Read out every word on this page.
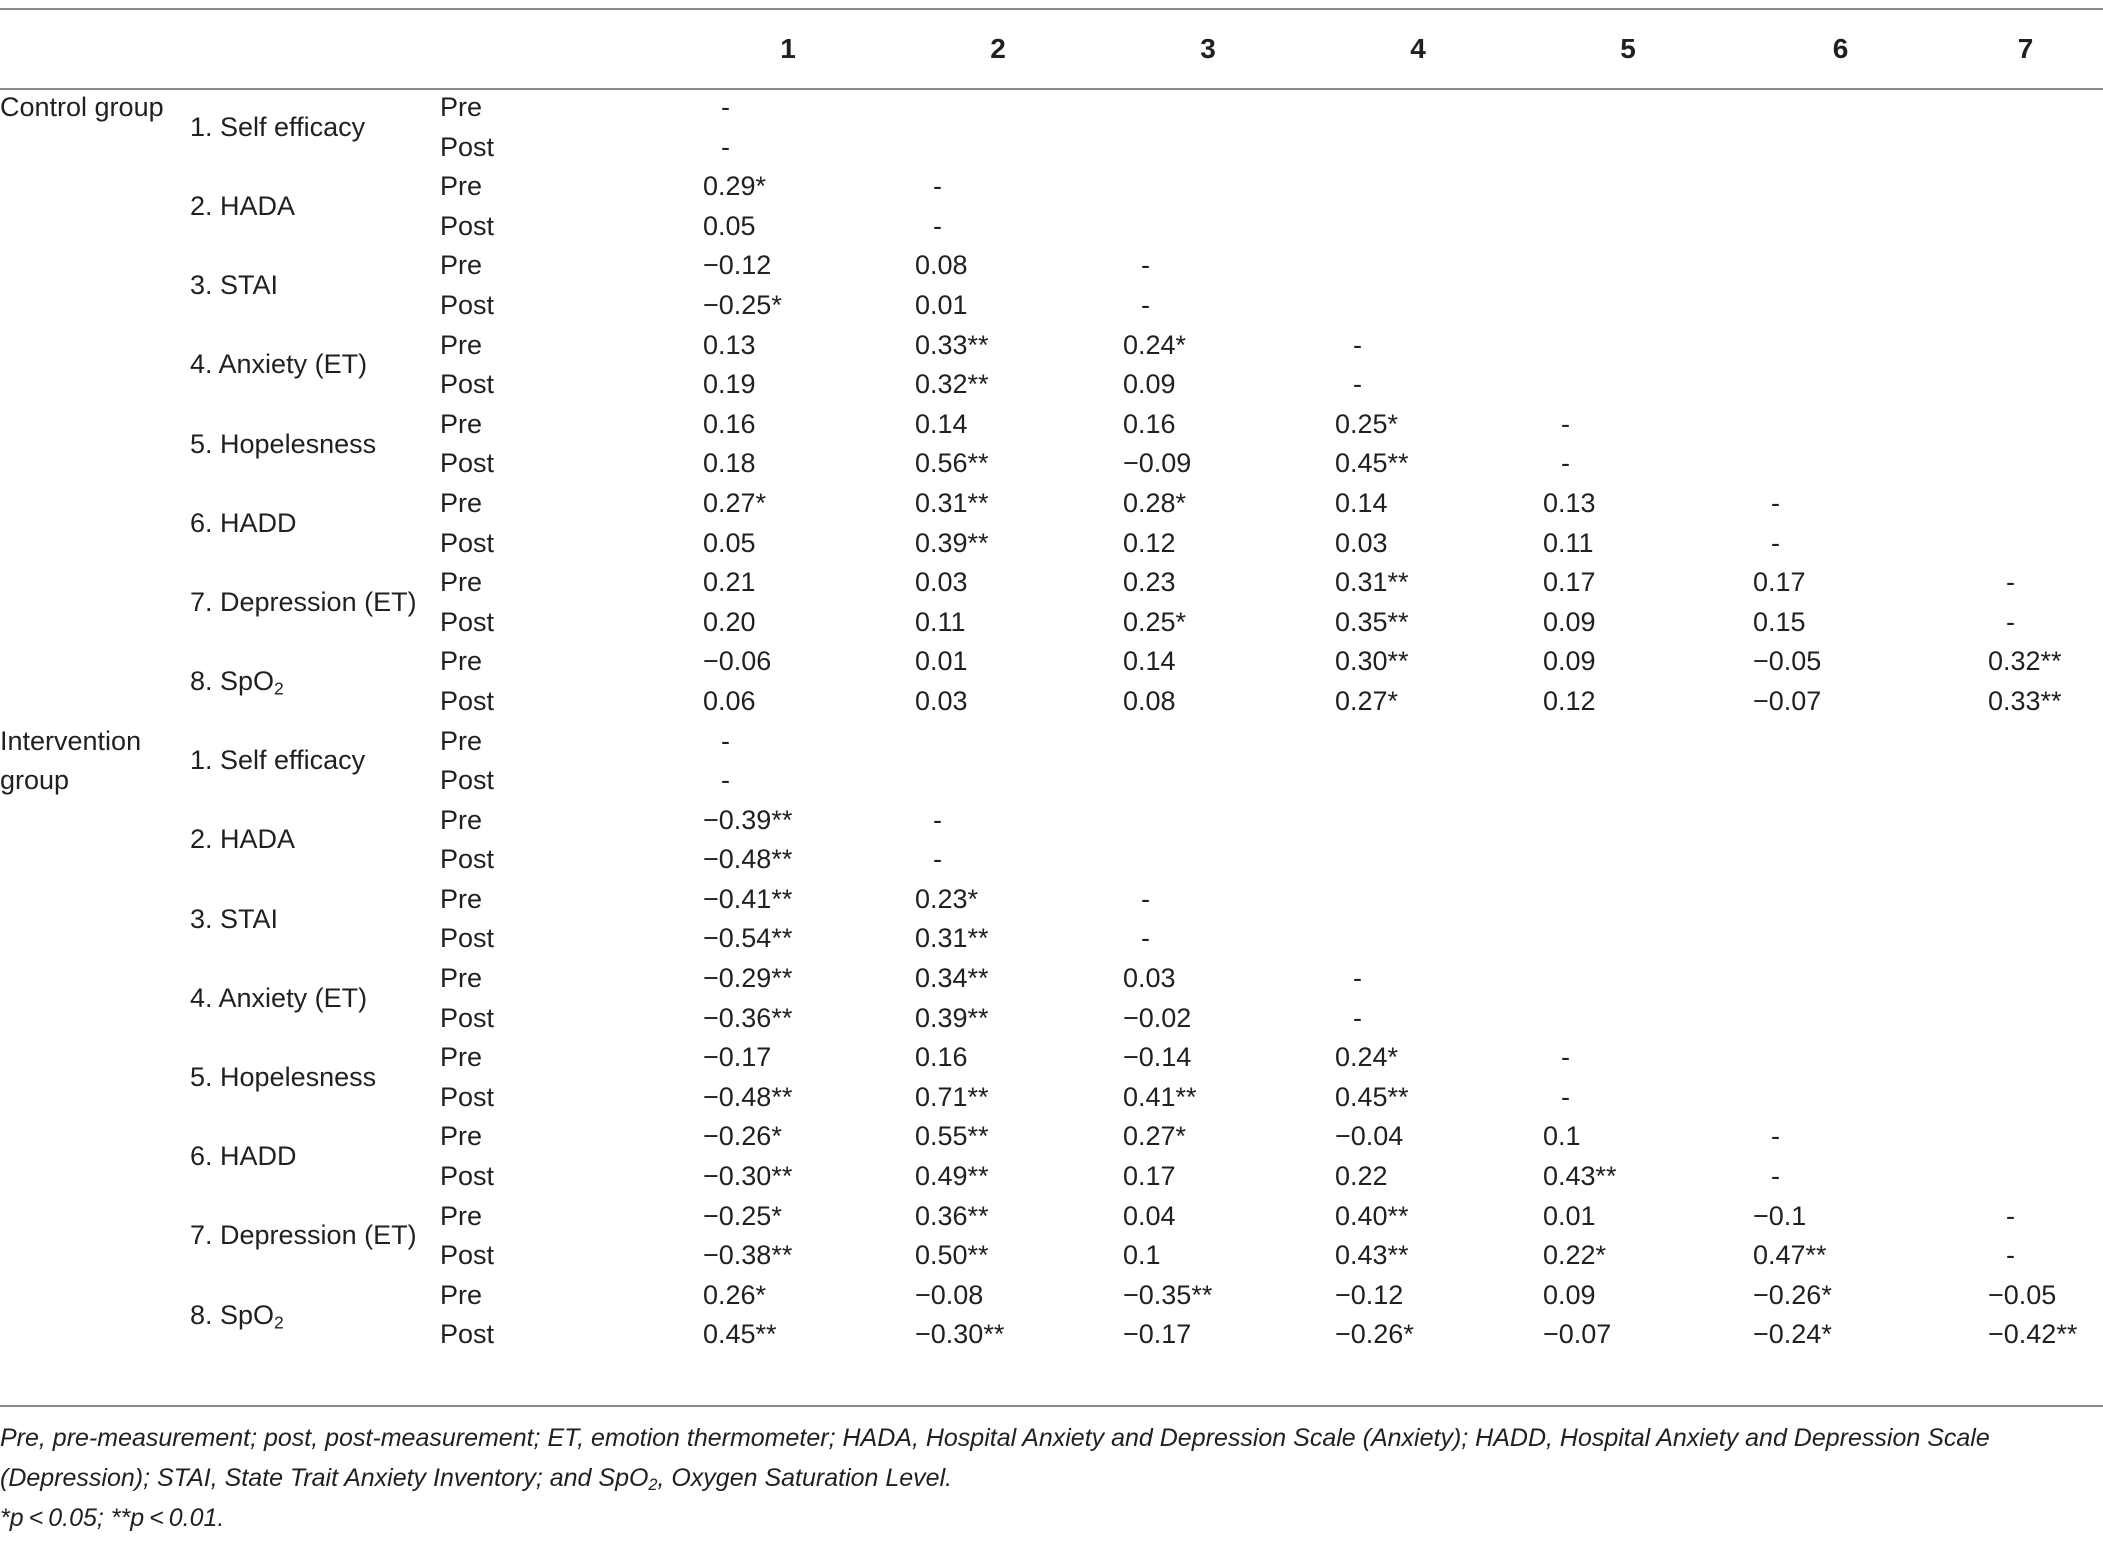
			1	2	3	4	5	6	7
Control group	1. Self efficacy	Pre	-						
		Post	-						
	2. HADA	Pre	0.29*	-					
		Post	0.05	-					
	3. STAI	Pre	−0.12	0.08	-				
		Post	−0.25*	0.01	-				
	4. Anxiety (ET)	Pre	0.13	0.33**	0.24*	-			
		Post	0.19	0.32**	0.09	-			
	5. Hopelesness	Pre	0.16	0.14	0.16	0.25*	-		
		Post	0.18	0.56**	−0.09	0.45**	-		
	6. HADD	Pre	0.27*	0.31**	0.28*	0.14	0.13	-	
		Post	0.05	0.39**	0.12	0.03	0.11	-	
	7. Depression (ET)	Pre	0.21	0.03	0.23	0.31**	0.17	0.17	-
		Post	0.20	0.11	0.25*	0.35**	0.09	0.15	-
	8. SpO$_2$	Pre	−0.06	0.01	0.14	0.30**	0.09	−0.05	0.32**
		Post	0.06	0.03	0.08	0.27*	0.12	−0.07	0.33**
Intervention group	1. Self efficacy	Pre	-						
		Post	-						
	2. HADA	Pre	−0.39**	-					
		Post	−0.48**	-					
	3. STAI	Pre	−0.41**	0.23*	-				
		Post	−0.54**	0.31**	-				
	4. Anxiety (ET)	Pre	−0.29**	0.34**	0.03	-			
		Post	−0.36**	0.39**	−0.02	-			
	5. Hopelesness	Pre	−0.17	0.16	−0.14	0.24*	-		
		Post	−0.48**	0.71**	0.41**	0.45**	-		
	6. HADD	Pre	−0.26*	0.55**	0.27*	−0.04	0.1	-	
		Post	−0.30**	0.49**	0.17	0.22	0.43**	-	
	7. Depression (ET)	Pre	−0.25*	0.36**	0.04	0.40**	0.01	−0.1	-
		Post	−0.38**	0.50**	0.1	0.43**	0.22*	0.47**	-
	8. SpO$_2$	Pre	0.26*	−0.08	−0.35**	−0.12	0.09	−0.26*	−0.05
		Post	0.45**	−0.30**	−0.17	−0.26*	−0.07	−0.24*	−0.42**

Pre, pre-measurement; post, post-measurement; ET, emotion thermometer; HADA, Hospital Anxiety and Depression Scale (Anxiety); HADD, Hospital Anxiety and Depression Scale (Depression); STAI, State Trait Anxiety Inventory; and SpO$_2$, Oxygen Saturation Level.

*p < 0.05; **p < 0.01.
